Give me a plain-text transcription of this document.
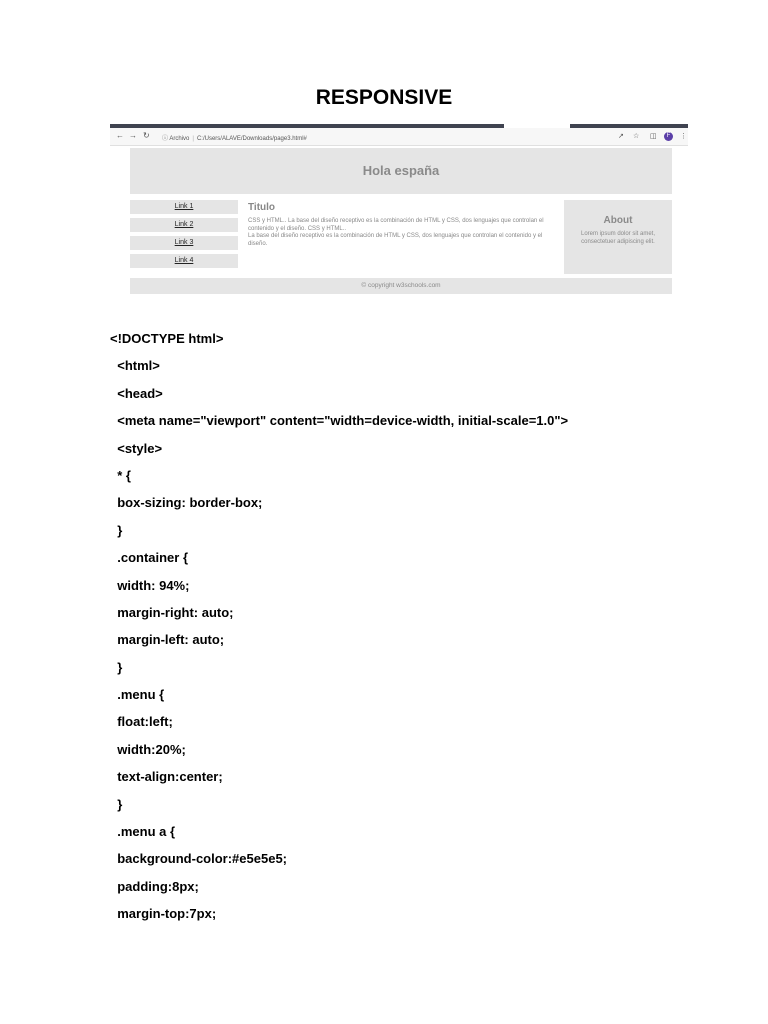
RESPONSIVE
← → ↻ ⓘ Archivo | C:/Users/ALAVE/Downloads/page3.html#	↗ ☆ ◫	F	⋮
Hola españa
Link 1
Link 2
Link 3
Link 4
Titulo

CSS y HTML.. La base del diseño receptivo es la combinación de HTML y CSS, dos lenguajes que controlan el contenido y el diseño. CSS y HTML..

La base del diseño receptivo es la combinación de HTML y CSS, dos lenguajes que controlan el contenido y el diseño.

About

Lorem ipsum dolor sit amet, consectetuer adipiscing elit.

© copyright w3schools.com
<!DOCTYPE html>
<html>
<head>
<meta name="viewport" content="width=device-width, initial-scale=1.0">
<style>
* {
box-sizing: border-box;
}
.container {
width: 94%;
margin-right: auto;
margin-left: auto;
}
.menu {
float:left;
width:20%;
text-align:center;
}
.menu a {
background-color:#e5e5e5;
padding:8px;
margin-top:7px;
